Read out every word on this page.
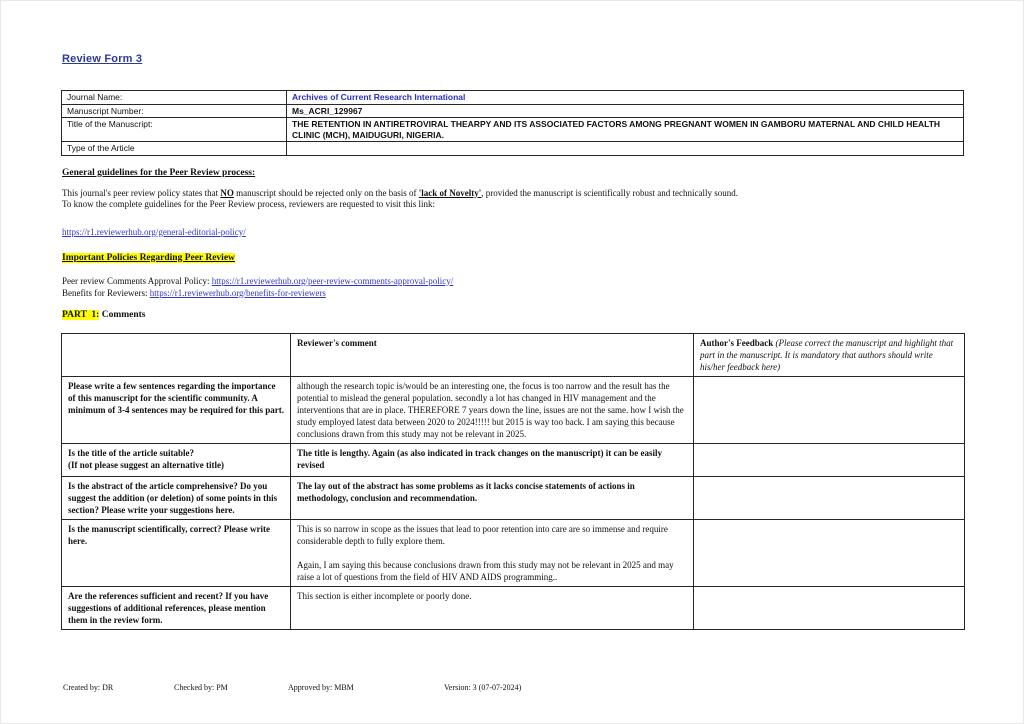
Review Form 3
Journal Name:	Archives of Current Research International
Manuscript Number:	Ms_ACRI_129967
Title of the Manuscript:	THE RETENTION IN ANTIRETROVIRAL THEARPY AND ITS ASSOCIATED FACTORS AMONG PREGNANT WOMEN IN GAMBORU MATERNAL AND CHILD HEALTH CLINIC (MCH), MAIDUGURI, NIGERIA.
Type of the Article	
General guidelines for the Peer Review process:
This journal's peer review policy states that NO manuscript should be rejected only on the basis of 'lack of Novelty', provided the manuscript is scientifically robust and technically sound.
To know the complete guidelines for the Peer Review process, reviewers are requested to visit this link:
https://r1.reviewerhub.org/general-editorial-policy/
Important Policies Regarding Peer Review
Peer review Comments Approval Policy: https://r1.reviewerhub.org/peer-review-comments-approval-policy/
Benefits for Reviewers: https://r1.reviewerhub.org/benefits-for-reviewers
PART  1: Comments
	Reviewer's comment	Author's Feedback (Please correct the manuscript and highlight that part in the manuscript. It is mandatory that authors should write his/her feedback here)
Please write a few sentences regarding the importance of this manuscript for the scientific community. A minimum of 3-4 sentences may be required for this part.	although the research topic is/would be an interesting one, the focus is too narrow and the result has the potential to mislead the general population. secondly a lot has changed in HIV management and the interventions that are in place. THEREFORE 7 years down the line, issues are not the same. how I wish the study employed latest data between 2020 to 2024!!!!! but 2015 is way too back. I am saying this because conclusions drawn from this study may not be relevant in 2025.	

Is the title of the article suitable?
(If not please suggest an alternative title)	The title is lengthy. Again (as also indicated in track changes on the manuscript) it can be easily revised	
Is the abstract of the article comprehensive? Do you suggest the addition (or deletion) of some points in this section? Please write your suggestions here.	The lay out of the abstract has some problems as it lacks concise statements of actions in methodology, conclusion and recommendation.	
Is the manuscript scientifically, correct? Please write here.	This is so narrow in scope as the issues that lead to poor retention into care are so immense and require considerable depth to fully explore them.
Again, I am saying this because conclusions drawn from this study may not be relevant in 2025 and may raise a lot of questions from the field of HIV AND AIDS programming..	

Are the references sufficient and recent? If you have suggestions of additional references, please mention them in the review form.	This section is either incomplete or poorly done.	
Created by: DR	Checked by: PM	Approved by: MBM	Version: 3 (07-07-2024)
